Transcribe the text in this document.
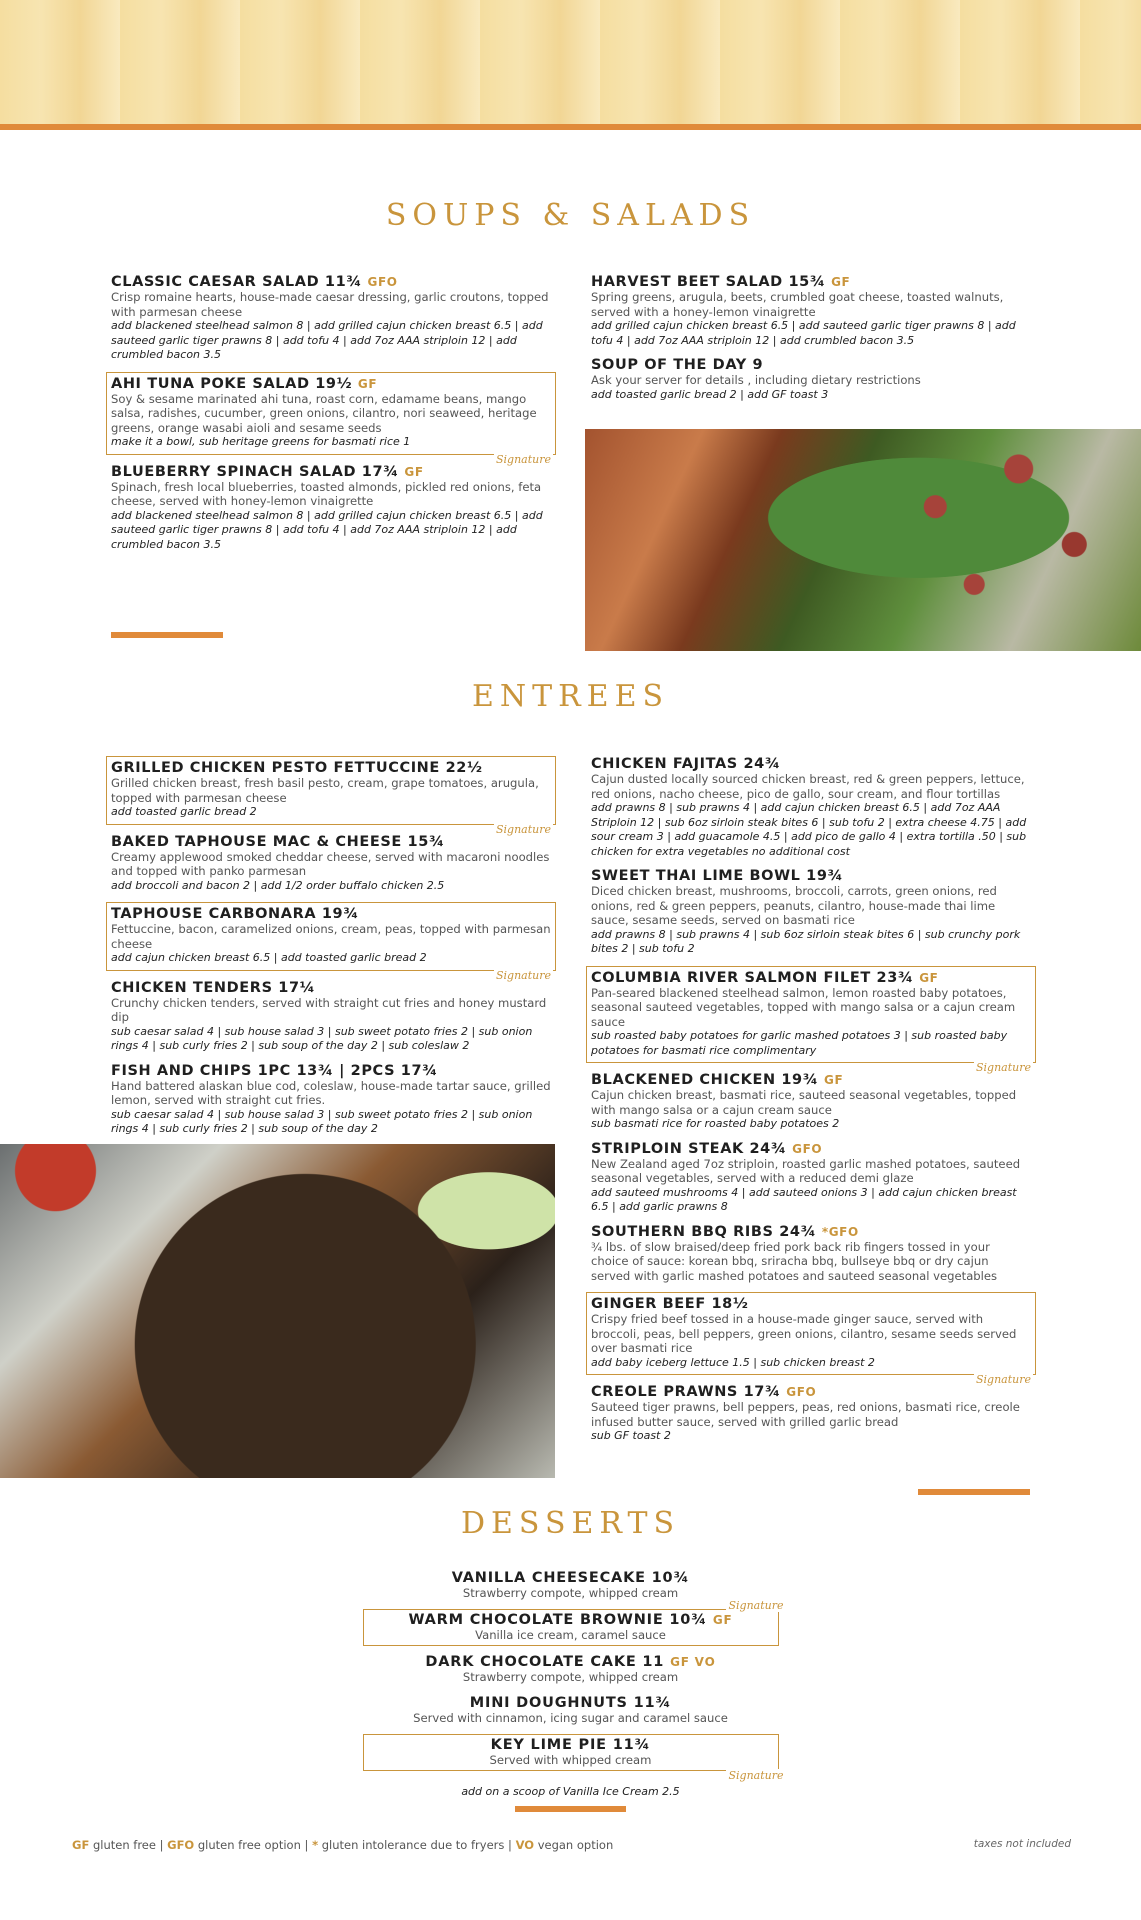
SOUPS & SALADS
CLASSIC CAESAR SALAD 11¾ GFO
Crisp romaine hearts, house-made caesar dressing, garlic croutons, topped with parmesan cheese
add blackened steelhead salmon 8 | add grilled cajun chicken breast 6.5 | add sauteed garlic tiger prawns 8 | add tofu 4 | add 7oz AAA striploin 12 | add crumbled bacon 3.5
AHI TUNA POKE SALAD 19½ GF
Soy & sesame marinated ahi tuna, roast corn, edamame beans, mango salsa, radishes, cucumber, green onions, cilantro, nori seaweed, heritage greens, orange wasabi aioli and sesame seeds
make it a bowl, sub heritage greens for basmati rice 1
Signature
BLUEBERRY SPINACH SALAD 17¾ GF
Spinach, fresh local blueberries, toasted almonds, pickled red onions, feta cheese, served with honey-lemon vinaigrette
add blackened steelhead salmon 8 | add grilled cajun chicken breast 6.5 | add sauteed garlic tiger prawns 8 | add tofu 4 | add 7oz AAA striploin 12 | add crumbled bacon 3.5
HARVEST BEET SALAD 15¾ GF
Spring greens, arugula, beets, crumbled goat cheese, toasted walnuts, served with a honey-lemon vinaigrette
add grilled cajun chicken breast 6.5 | add sauteed garlic tiger prawns 8 | add tofu 4 | add 7oz AAA striploin 12 | add crumbled bacon 3.5
SOUP OF THE DAY 9
Ask your server for details , including dietary restrictions
add toasted garlic bread 2 | add GF toast 3
ENTREES
GRILLED CHICKEN PESTO FETTUCCINE 22½
Grilled chicken breast, fresh basil pesto, cream, grape tomatoes, arugula, topped with parmesan cheese
add toasted garlic bread 2
Signature
BAKED TAPHOUSE MAC & CHEESE 15¾
Creamy applewood smoked cheddar cheese, served with macaroni noodles and topped with panko parmesan
add broccoli and bacon 2 | add 1/2 order buffalo chicken 2.5
TAPHOUSE CARBONARA 19¾
Fettuccine, bacon, caramelized onions, cream, peas, topped with parmesan cheese
add cajun chicken breast 6.5 | add toasted garlic bread 2
Signature
CHICKEN TENDERS 17¼
Crunchy chicken tenders, served with straight cut fries and honey mustard dip
sub caesar salad 4 | sub house salad 3 | sub sweet potato fries 2 | sub onion rings 4 | sub curly fries 2 | sub soup of the day 2 | sub coleslaw 2
FISH AND CHIPS 1PC 13¾ | 2PCS 17¾
Hand battered alaskan blue cod, coleslaw, house-made tartar sauce, grilled lemon, served with straight cut fries.
sub caesar salad 4 | sub house salad 3 | sub sweet potato fries 2 | sub onion rings 4 | sub curly fries 2 | sub soup of the day 2
CHICKEN FAJITAS 24¾
Cajun dusted locally sourced chicken breast, red & green peppers, lettuce, red onions, nacho cheese, pico de gallo, sour cream, and flour tortillas
add prawns 8 | sub prawns 4 | add cajun chicken breast 6.5 | add 7oz AAA Striploin 12 | sub 6oz sirloin steak bites 6 | sub tofu 2 | extra cheese 4.75 | add sour cream 3 | add guacamole 4.5 | add pico de gallo 4 | extra tortilla .50 | sub chicken for extra vegetables no additional cost
SWEET THAI LIME BOWL 19¾
Diced chicken breast, mushrooms, broccoli, carrots, green onions, red onions, red & green peppers, peanuts, cilantro, house-made thai lime sauce, sesame seeds, served on basmati rice
add prawns 8 | sub prawns 4 | sub 6oz sirloin steak bites 6 | sub crunchy pork bites 2 | sub tofu 2
COLUMBIA RIVER SALMON FILET 23¾ GF
Pan-seared blackened steelhead salmon, lemon roasted baby potatoes, seasonal sauteed vegetables, topped with mango salsa or a cajun cream sauce
sub roasted baby potatoes for garlic mashed potatoes 3 | sub roasted baby potatoes for basmati rice complimentary
Signature
BLACKENED CHICKEN 19¾ GF
Cajun chicken breast, basmati rice, sauteed seasonal vegetables, topped with mango salsa or a cajun cream sauce
sub basmati rice for roasted baby potatoes 2
STRIPLOIN STEAK 24¾ GFO
New Zealand aged 7oz striploin, roasted garlic mashed potatoes, sauteed seasonal vegetables, served with a reduced demi glaze
add sauteed mushrooms 4 | add sauteed onions 3 | add cajun chicken breast 6.5 | add garlic prawns 8
SOUTHERN BBQ RIBS 24¾ *GFO
¾ lbs. of slow braised/deep fried pork back rib fingers tossed in your choice of sauce: korean bbq, sriracha bbq, bullseye bbq or dry cajun served with garlic mashed potatoes and sauteed seasonal vegetables
GINGER BEEF 18½
Crispy fried beef tossed in a house-made ginger sauce, served with broccoli, peas, bell peppers, green onions, cilantro, sesame seeds served over basmati rice
add baby iceberg lettuce 1.5 | sub chicken breast 2
Signature
CREOLE PRAWNS 17¾ GFO
Sauteed tiger prawns, bell peppers, peas, red onions, basmati rice, creole infused butter sauce, served with grilled garlic bread
sub GF toast 2
DESSERTS
VANILLA CHEESECAKE 10¾
Strawberry compote, whipped cream
Signature
WARM CHOCOLATE BROWNIE 10¾ GF
Vanilla ice cream, caramel sauce
DARK CHOCOLATE CAKE 11 GF VO
Strawberry compote, whipped cream
MINI DOUGHNUTS 11¾
Served with cinnamon, icing sugar and caramel sauce
KEY LIME PIE 11¾
Served with whipped cream
Signature
add on a scoop of Vanilla Ice Cream 2.5
GF gluten free | GFO gluten free option | * gluten intolerance due to fryers | VO vegan option	taxes not included
